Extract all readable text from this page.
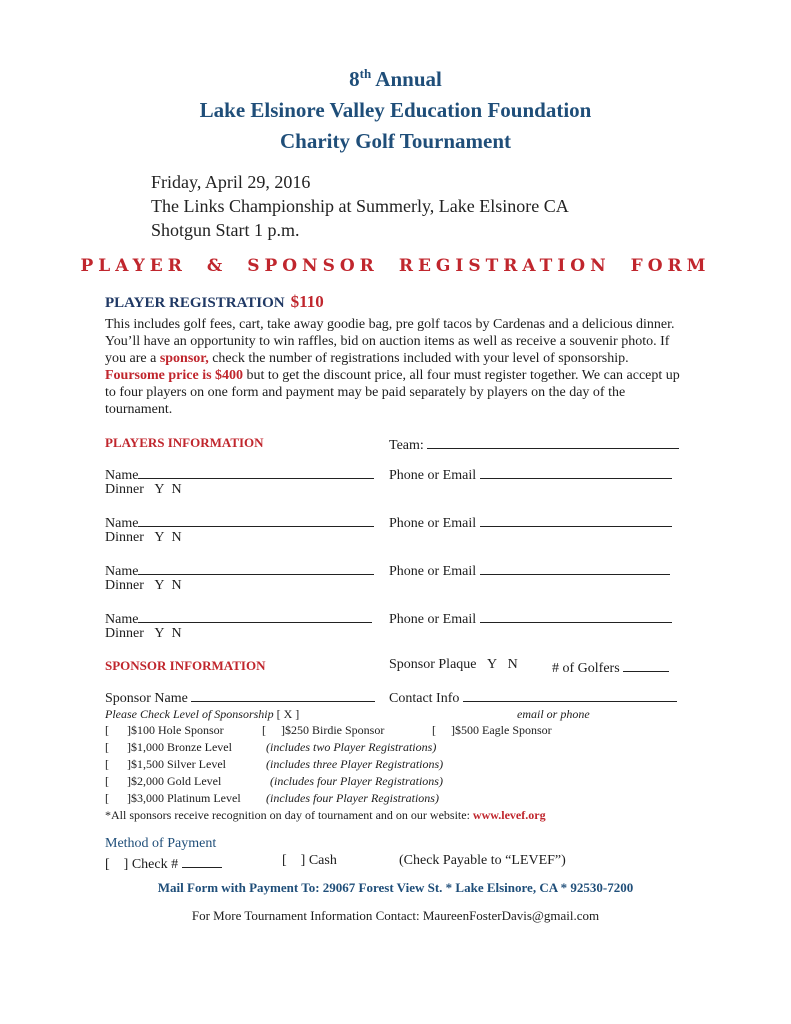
8th Annual
Lake Elsinore Valley Education Foundation
Charity Golf Tournament
Friday, April 29, 2016
The Links Championship at Summerly, Lake Elsinore CA
Shotgun Start 1 p.m.
PLAYER & SPONSOR REGISTRATION FORM
PLAYER REGISTRATION $110
This includes golf fees, cart, take away goodie bag, pre golf tacos by Cardenas and a delicious dinner. You’ll have an opportunity to win raffles, bid on auction items as well as receive a souvenir photo. If you are a sponsor, check the number of registrations included with your level of sponsorship. Foursome price is $400 but to get the discount price, all four must register together. We can accept up to four players on one form and payment may be paid separately by players on the day of the tournament.
PLAYERS INFORMATION	Team:
Name	Phone or Email
Dinner Y N
Name	Phone or Email
Dinner Y N
Name	Phone or Email
Dinner Y N
Name	Phone or Email
Dinner Y N
SPONSOR INFORMATION	Sponsor Plaque Y N # of Golfers
Sponsor Name	Contact Info
Please Check Level of Sponsorship [ X ]	email or phone
[      ]$100 Hole Sponsor	[     ]$250 Birdie Sponsor	[     ]$500 Eagle Sponsor
[      ]$1,000 Bronze Level	(includes two Player Registrations)
[      ]$1,500 Silver Level	(includes three Player Registrations)
[      ]$2,000 Gold Level	(includes four Player Registrations)
[      ]$3,000 Platinum Level (includes four Player Registrations)
*All sponsors receive recognition on day of tournament and on our website: www.levef.org
Method of Payment
[    ] Check #	[    ] Cash	(Check Payable to “LEVEF”)
Mail Form with Payment To: 29067 Forest View St. * Lake Elsinore, CA * 92530-7200
For More Tournament Information Contact: MaureenFosterDavis@gmail.com
